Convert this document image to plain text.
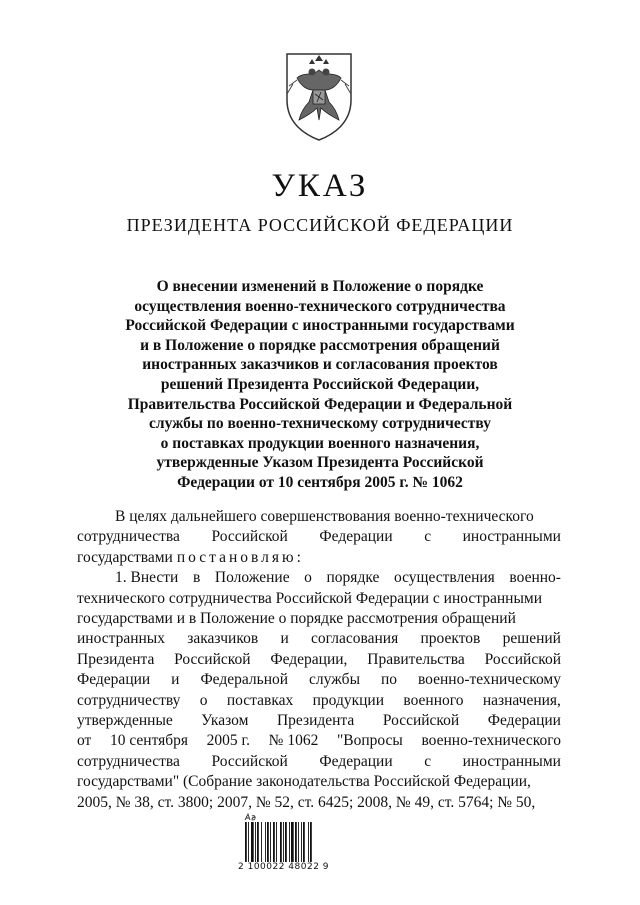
УКАЗ
ПРЕЗИДЕНТА РОССИЙСКОЙ ФЕДЕРАЦИИ
О внесении изменений в Положение о порядке
осуществления военно-технического сотрудничества
Российской Федерации с иностранными государствами
и в Положение о порядке рассмотрения обращений
иностранных заказчиков и согласования проектов
решений Президента Российской Федерации,
Правительства Российской Федерации и Федеральной
службы по военно-техническому сотрудничеству
о поставках продукции военного назначения,
утвержденные Указом Президента Российской
Федерации от 10 сентября 2005 г. № 1062
В целях дальнейшего совершенствования военно-технического
сотрудничества Российской Федерации с иностранными
государствами постановляю:
1. Внести в Положение о порядке осуществления военно-
технического сотрудничества Российской Федерации с иностранными
государствами и в Положение о порядке рассмотрения обращений
иностранных заказчиков и согласования проектов решений
Президента Российской Федерации, Правительства Российской
Федерации и Федеральной службы по военно-техническому
сотрудничеству о поставках продукции военного назначения,
утвержденные Указом Президента Российской Федерации
от 10 сентября 2005 г. № 1062 "Вопросы военно-технического
сотрудничества Российской Федерации с иностранными
государствами" (Собрание законодательства Российской Федерации,
2005, № 38, ст. 3800; 2007, № 52, ст. 6425; 2008, № 49, ст. 5764; № 50,
2 100022 48022 9
